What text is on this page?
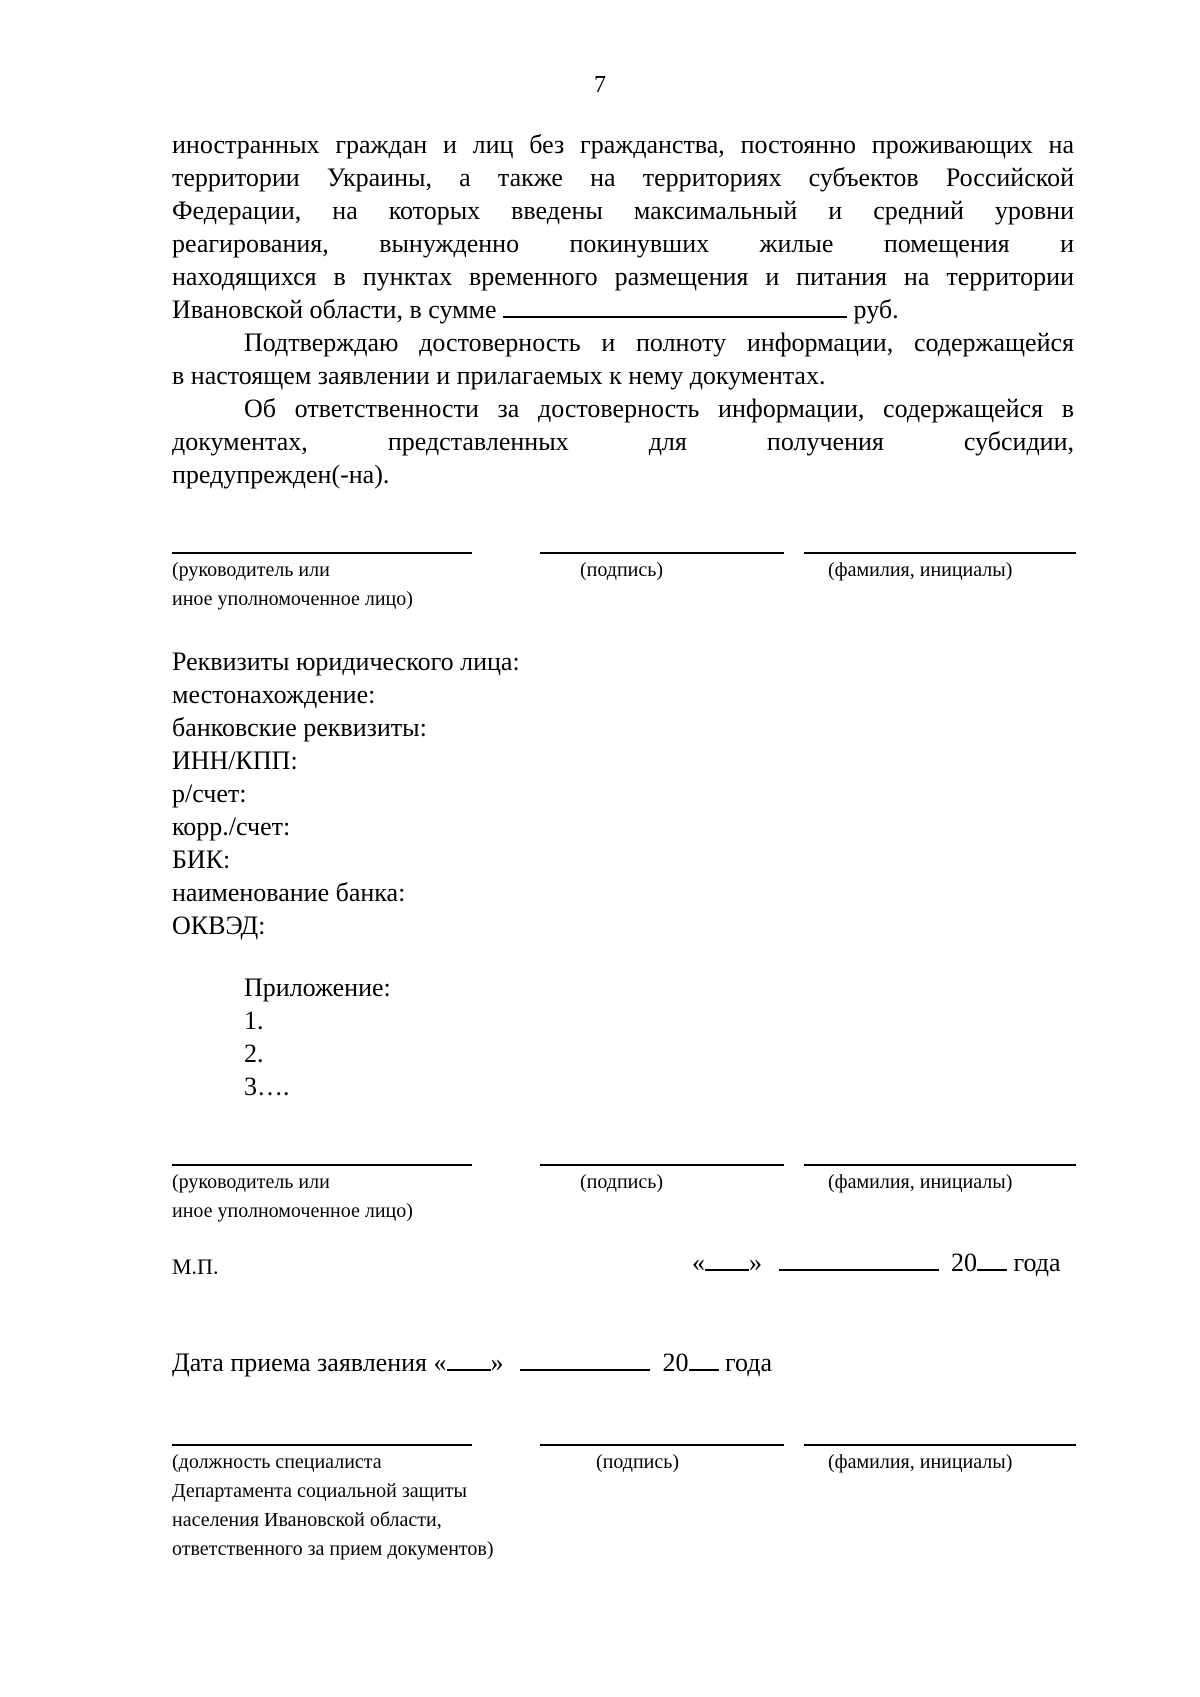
7
иностранных граждан и лиц без гражданства, постоянно проживающих на
территории Украины, а также на территориях субъектов Российской
Федерации, на которых введены максимальный и средний уровни
реагирования, вынужденно покинувших жилые помещения и
находящихся в пунктах временного размещения и питания на территории
Ивановской области, в сумме	руб.
Подтверждаю достоверность и полноту информации, содержащейся
в настоящем заявлении и прилагаемых к нему документах.
Об ответственности за достоверность информации, содержащейся в
документах, представленных для получения субсидии,
предупрежден(-на).
(руководитель или
иное уполномоченное лицо)
(подпись)	(фамилия, инициалы)
Реквизиты юридического лица:
местонахождение:
банковские реквизиты:
ИНН/КПП:
р/счет:
корр./счет:
БИК:
наименование банка:
ОКВЭД:
Приложение:
1.
2.
3….
(руководитель или
иное уполномоченное лицо)
(подпись)	(фамилия, инициалы)
М.П.	« »	20 года
Дата приема заявления « »	20 года
(должность специалиста
Департамента социальной защиты
населения Ивановской области,
ответственного за прием документов)
(подпись)	(фамилия, инициалы)
